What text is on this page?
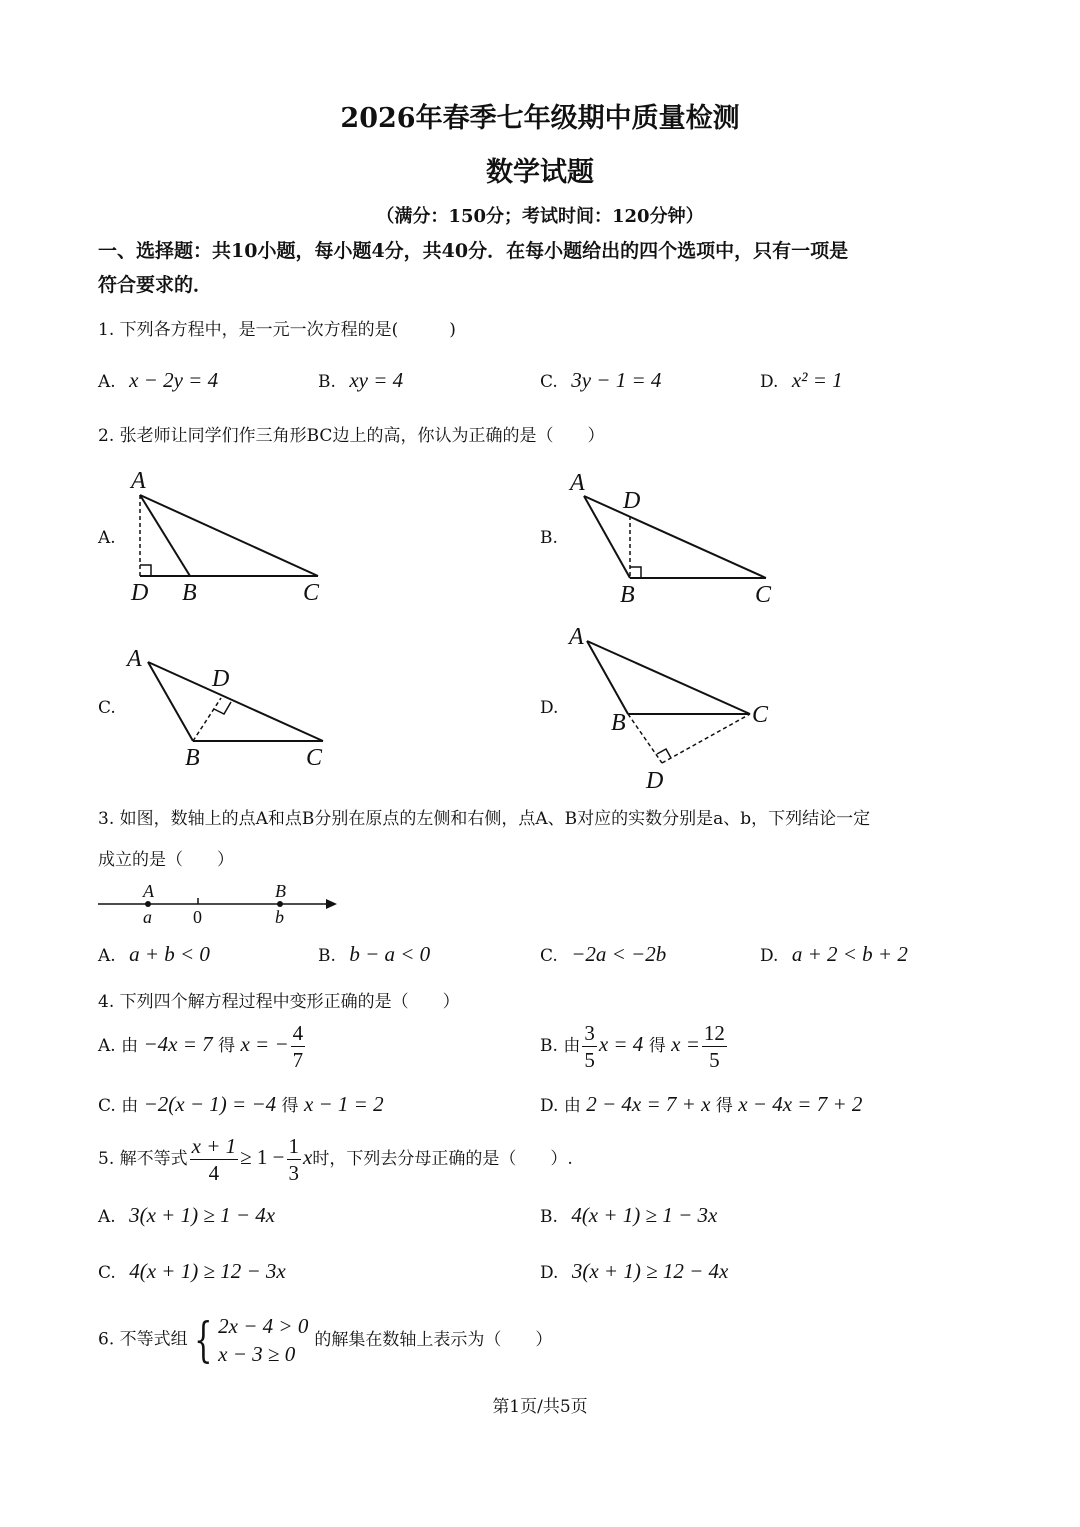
2026年春季七年级期中质量检测
数学试题
（满分：150分；考试时间：120分钟）
一、选择题：共10小题，每小题4分，共40分．在每小题给出的四个选项中，只有一项是
符合要求的．
1. 下列各方程中，是一元一次方程的是(　　　)
A. x − 2y = 4	B. xy = 4	C. 3y − 1 = 4	D. x² = 1
2. 张老师让同学们作三角形BC边上的高，你认为正确的是（　　）
A.
A
D B	C
A
D
B	C
A
D
B	C
A
B	C
D
A	B
a 0	b
B.
C.	D.
3. 如图，数轴上的点A和点B分别在原点的左侧和右侧，点A、B对应的实数分别是a、b，下列结论一定
成立的是（　　）
A. a + b < 0	B. b − a < 0	C. −2a < −2b	D. a + 2 < b + 2
4. 下列四个解方程过程中变形正确的是（　　）
A. 由 −4x = 7 得 x = − $\frac{4}{7}$	B. 由 $\frac{3}{5}$ x = 4 得 $x = \frac{12}{5}$
C. 由 −2(x − 1) = −4 得 x − 1 = 2	D. 由 2 − 4x = 7 + x 得 x − 4x = 7 + 2
5. 解不等式 $\frac{x + 1}{4} \ge 1 - \frac{1}{3}$ x时，下列去分母正确的是（　　）.
A. 3(x + 1) ≥ 1 − 4x	B. 4(x + 1) ≥ 1 − 3x
C. 4(x + 1) ≥ 12 − 3x	D. 3(x + 1) ≥ 12 − 4x
6. 不等式组 { 2x − 4 > 0
x − 3 ≥ 0
的解集在数轴上表示为（　　）
第1页/共5页
